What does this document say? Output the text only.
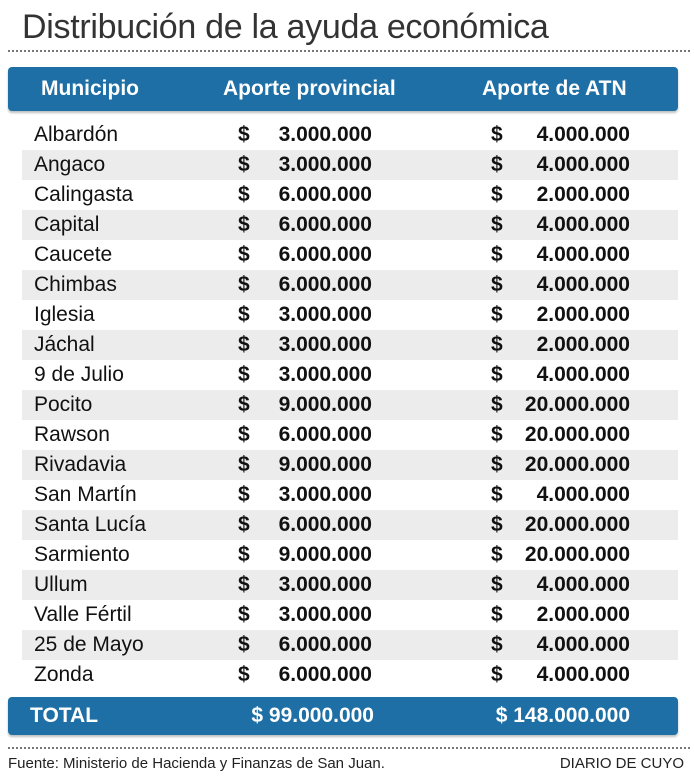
Distribución de la ayuda económica
Municipio	Aporte provincial	Aporte de ATN
Albardón	$ 3.000.000	$ 4.000.000
Angaco	$ 3.000.000	$ 4.000.000
Calingasta	$ 6.000.000	$ 2.000.000
Capital	$ 6.000.000	$ 4.000.000
Caucete	$ 6.000.000	$ 4.000.000
Chimbas	$ 6.000.000	$ 4.000.000
Iglesia	$ 3.000.000	$ 2.000.000
Jáchal	$ 3.000.000	$ 2.000.000
9 de Julio	$ 3.000.000	$ 4.000.000
Pocito	$ 9.000.000	$ 20.000.000
Rawson	$ 6.000.000	$ 20.000.000
Rivadavia	$ 9.000.000	$ 20.000.000
San Martín	$ 3.000.000	$ 4.000.000
Santa Lucía	$ 6.000.000	$ 20.000.000
Sarmiento	$ 9.000.000	$ 20.000.000
Ullum	$ 3.000.000	$ 4.000.000
Valle Fértil	$ 3.000.000	$ 2.000.000
25 de Mayo	$ 6.000.000	$ 4.000.000
Zonda	$ 6.000.000	$ 4.000.000
TOTAL	$ 99.000.000	$ 148.000.000
Fuente: Ministerio de Hacienda y Finanzas de San Juan.	DIARIO DE CUYO
